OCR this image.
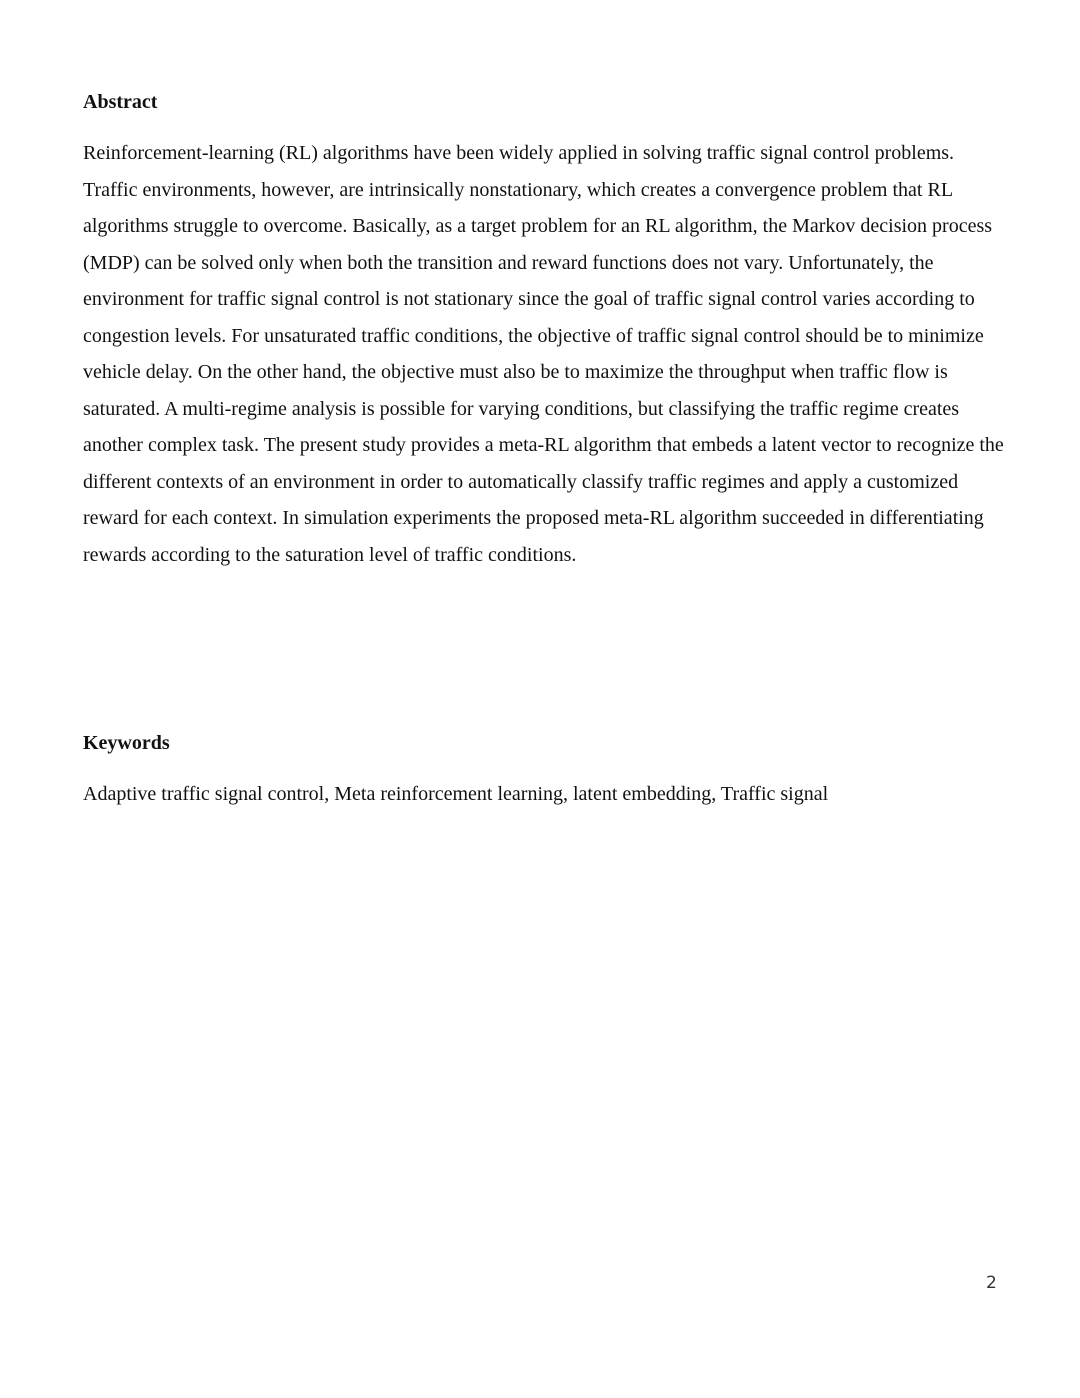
Abstract

Reinforcement-learning (RL) algorithms have been widely applied in solving traffic signal control problems. Traffic environments, however, are intrinsically nonstationary, which creates a convergence problem that RL algorithms struggle to overcome. Basically, as a target problem for an RL algorithm, the Markov decision process (MDP) can be solved only when both the transition and reward functions does not vary. Unfortunately, the environment for traffic signal control is not stationary since the goal of traffic signal control varies according to congestion levels. For unsaturated traffic conditions, the objective of traffic signal control should be to minimize vehicle delay. On the other hand, the objective must also be to maximize the throughput when traffic flow is saturated. A multi-regime analysis is possible for varying conditions, but classifying the traffic regime creates another complex task. The present study provides a meta-RL algorithm that embeds a latent vector to recognize the different contexts of an environment in order to automatically classify traffic regimes and apply a customized reward for each context. In simulation experiments the proposed meta-RL algorithm succeeded in differentiating rewards according to the saturation level of traffic conditions.

Keywords

Adaptive traffic signal control, Meta reinforcement learning, latent embedding, Traffic signal

2
